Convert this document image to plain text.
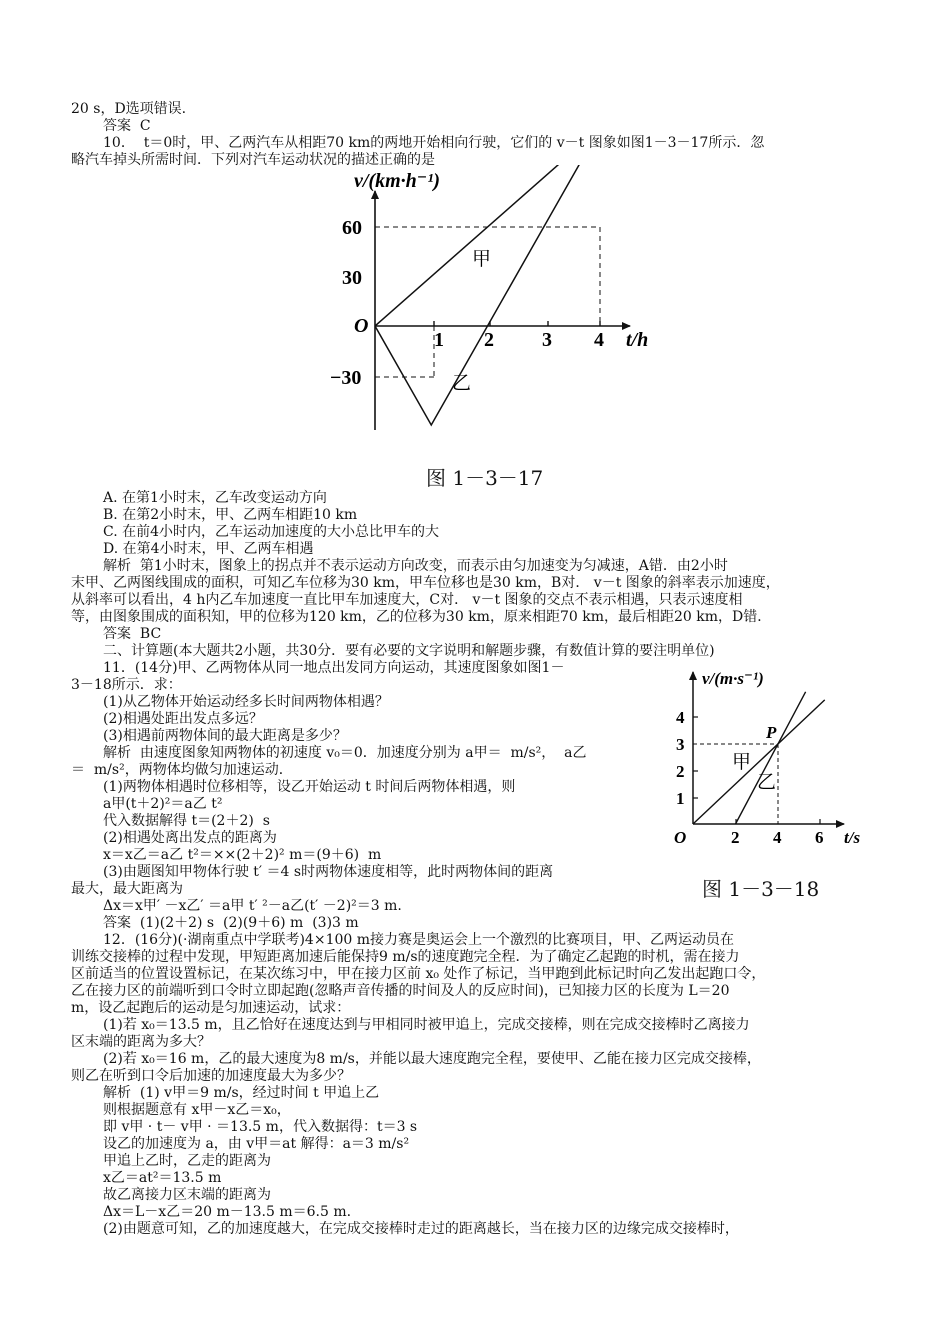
20 s，D选项错误.
答案  C
10．  t＝0时，甲、乙两汽车从相距70 km的两地开始相向行驶，它们的 v－t 图象如图1－3－17所示．忽
略汽车掉头所需时间．下列对汽车运动状况的描述正确的是
v/(km·h⁻¹)
t/h
O
60
30
−30
1 2 3 4
甲
乙
图 1－3－17
A. 在第1小时末，乙车改变运动方向
B. 在第2小时末，甲、乙两车相距10 km
C. 在前4小时内，乙车运动加速度的大小总比甲车的大
D. 在第4小时末，甲、乙两车相遇
解析  第1小时末，图象上的拐点并不表示运动方向改变，而表示由匀加速变为匀减速，A错．由2小时
末甲、乙两图线围成的面积，可知乙车位移为30 km，甲车位移也是30 km，B对． v－t 图象的斜率表示加速度，
从斜率可以看出，4 h内乙车加速度一直比甲车加速度大，C对． v－t 图象的交点不表示相遇，只表示速度相
等，由图象围成的面积知，甲的位移为120 km，乙的位移为30 km，原来相距70 km，最后相距20 km，D错．
答案  BC
二、计算题(本大题共2小题，共30分．要有必要的文字说明和解题步骤，有数值计算的要注明单位)
11．(14分)甲、乙两物体从同一地点出发同方向运动，其速度图象如图1－
3－18所示．求：
(1)从乙物体开始运动经多长时间两物体相遇？
(2)相遇处距出发点多远？
(3)相遇前两物体间的最大距离是多少？
解析  由速度图象知两物体的初速度 v₀＝0．加速度分别为 a甲＝  m/s²，  a乙
＝  m/s²，两物体均做匀加速运动．
(1)两物体相遇时位移相等，设乙开始运动 t 时间后两物体相遇，则
a甲(t＋2)²＝a乙 t²
代入数据解得 t＝(2＋2)  s
(2)相遇处离出发点的距离为
x＝x乙＝a乙 t²＝××(2＋2)² m＝(9＋6)  m
(3)由题图知甲物体行驶 t′ ＝4 s时两物体速度相等，此时两物体间的距离
最大，最大距离为
Δx＝x甲′ －x乙′ ＝a甲 t′ ²－a乙(t′ －2)²＝3 m.
答案  (1)(2＋2) s  (2)(9＋6) m  (3)3 m
12．(16分)(·湖南重点中学联考)4×100 m接力赛是奥运会上一个激烈的比赛项目，甲、乙两运动员在
训练交接棒的过程中发现，甲短距离加速后能保持9 m/s的速度跑完全程．为了确定乙起跑的时机，需在接力
区前适当的位置设置标记，在某次练习中，甲在接力区前 x₀ 处作了标记，当甲跑到此标记时向乙发出起跑口令，
乙在接力区的前端听到口令时立即起跑(忽略声音传播的时间及人的反应时间)，已知接力区的长度为 L＝20
m，设乙起跑后的运动是匀加速运动，试求：
(1)若 x₀＝13.5 m，且乙恰好在速度达到与甲相同时被甲追上，完成交接棒，则在完成交接棒时乙离接力
区末端的距离为多大？
(2)若 x₀＝16 m，乙的最大速度为8 m/s，并能以最大速度跑完全程，要使甲、乙能在接力区完成交接棒，
则乙在听到口令后加速的加速度最大为多少？
解析  (1) v甲＝9 m/s，经过时间 t 甲追上乙
则根据题意有 x甲－x乙＝x₀，
即 v甲 · t－ v甲 · ＝13.5 m，代入数据得：t＝3 s
设乙的加速度为 a，由 v甲＝at 解得：a＝3 m/s²
甲追上乙时，乙走的距离为
x乙＝at²＝13.5 m
故乙离接力区末端的距离为
Δx＝L－x乙＝20 m－13.5 m＝6.5 m.
(2)由题意可知，乙的加速度越大，在完成交接棒时走过的距离越长，当在接力区的边缘完成交接棒时，
v/(m·s⁻¹)
t/s
O
4
3
2
1
2 4 6
P
甲
乙
图 1－3－18
